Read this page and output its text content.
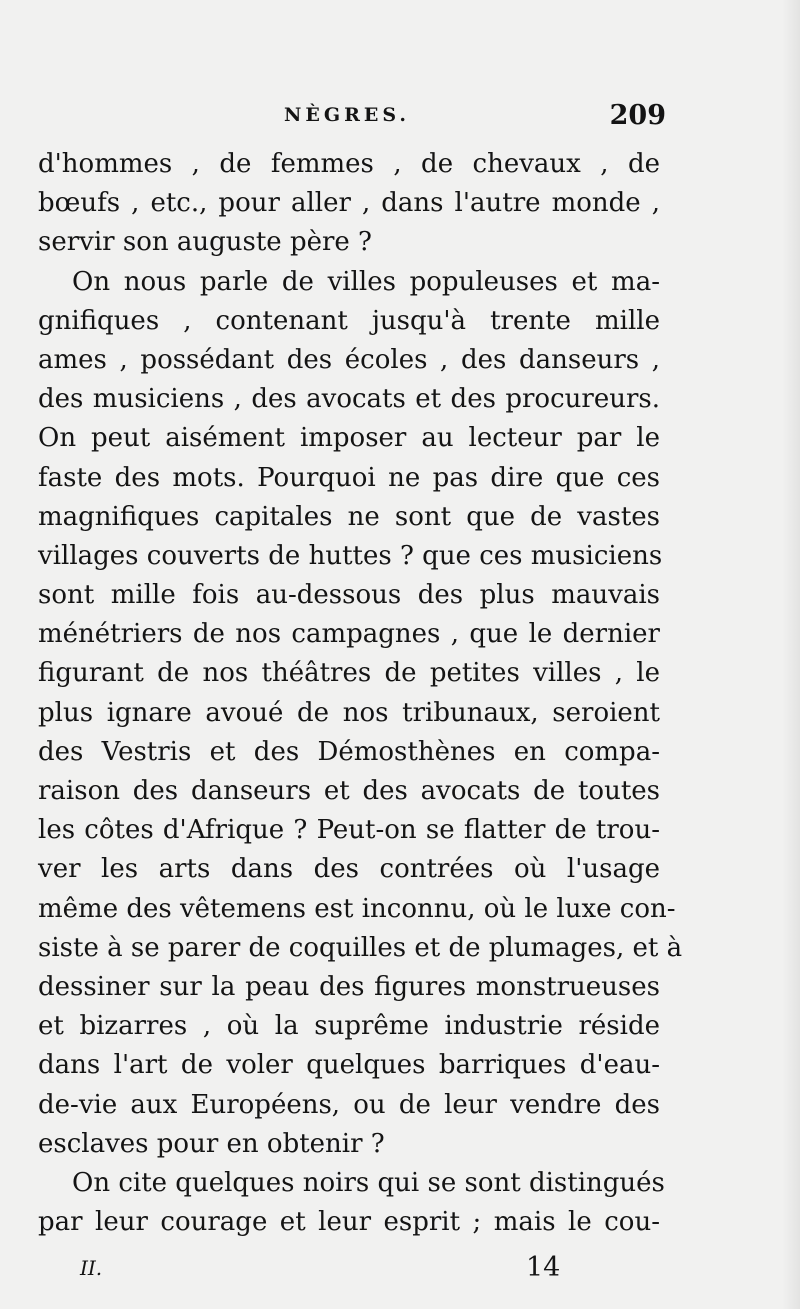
NÈGRES.	209
d'hommes , de femmes , de chevaux , de
bœufs , etc., pour aller , dans l'autre monde ,
servir son auguste père ?
On nous parle de villes populeuses et ma-
gnifiques , contenant jusqu'à trente mille
ames , possédant des écoles , des danseurs ,
des musiciens , des avocats et des procureurs.
On peut aisément imposer au lecteur par le
faste des mots. Pourquoi ne pas dire que ces
magnifiques capitales ne sont que de vastes
villages couverts de huttes ? que ces musiciens
sont mille fois au-dessous des plus mauvais
ménétriers de nos campagnes , que le dernier
figurant de nos théâtres de petites villes , le
plus ignare avoué de nos tribunaux, seroient
des Vestris et des Démosthènes en compa-
raison des danseurs et des avocats de toutes
les côtes d'Afrique ? Peut-on se flatter de trou-
ver les arts dans des contrées où l'usage
même des vêtemens est inconnu, où le luxe con-
siste à se parer de coquilles et de plumages, et à
dessiner sur la peau des figures monstrueuses
et bizarres , où la suprême industrie réside
dans l'art de voler quelques barriques d'eau-
de-vie aux Européens, ou de leur vendre des
esclaves pour en obtenir ?
On cite quelques noirs qui se sont distingués
par leur courage et leur esprit ; mais le cou-
II.	14
